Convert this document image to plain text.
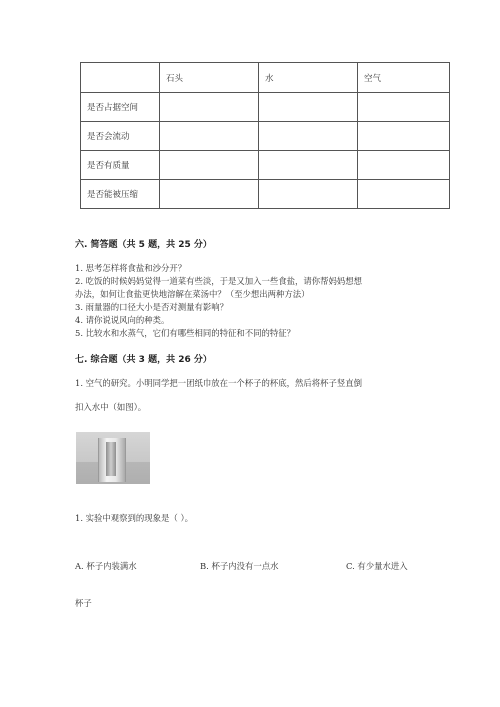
	石头	水	空气
是否占据空间			
是否会流动			
是否有质量			
是否能被压缩			
六. 简答题（共 5 题，共 25 分）
1. 思考怎样将食盐和沙分开？
2. 吃饭的时候妈妈觉得一道菜有些淡，于是又加入一些食盐，请你帮妈妈想想
办法，如何让食盐更快地溶解在菜汤中？（至少想出两种方法）
3. 雨量器的口径大小是否对测量有影响？
4. 请你说说风向的种类。
5. 比较水和水蒸气，它们有哪些相同的特征和不同的特征？
七. 综合题（共 3 题，共 26 分）
1. 空气的研究。小明同学把一团纸巾放在一个杯子的杯底，然后将杯子竖直倒
扣入水中（如图）。
1. 实验中观察到的现象是（ ）。
A. 杯子内装满水	B. 杯子内没有一点水	C. 有少量水进入
杯子
